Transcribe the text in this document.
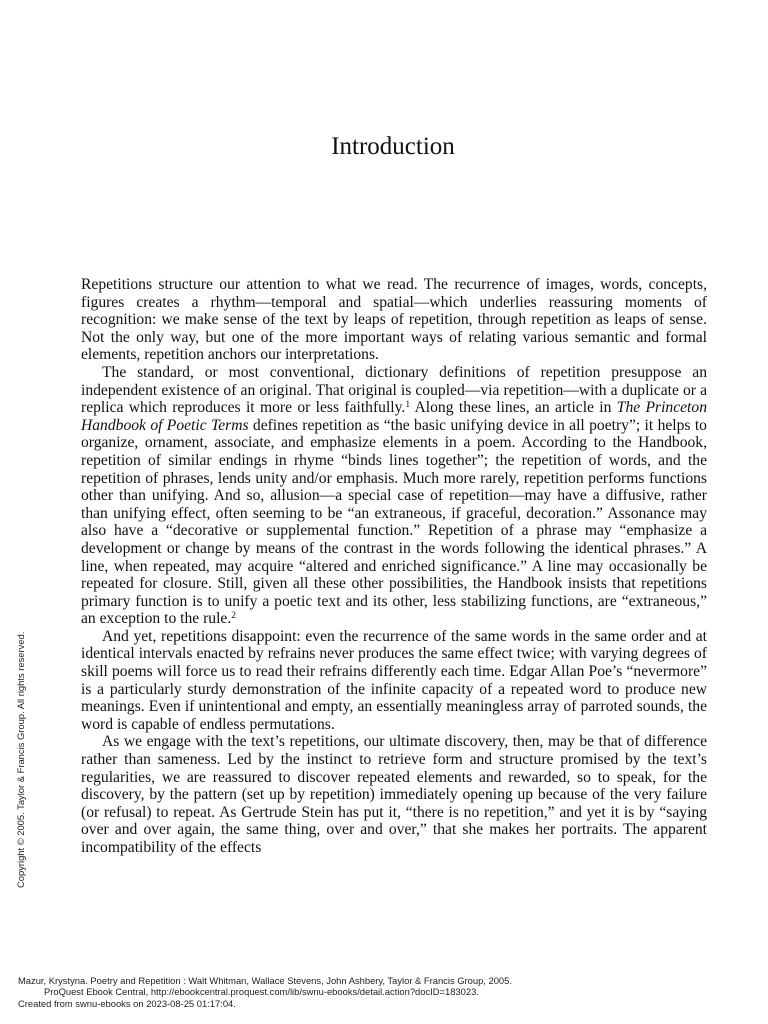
Introduction

Repetitions structure our attention to what we read. The recurrence of images, words, concepts, figures creates a rhythm—temporal and spatial—which underlies reassuring moments of recognition: we make sense of the text by leaps of repetition, through repetition as leaps of sense. Not the only way, but one of the more important ways of relating various semantic and formal elements, repetition anchors our interpretations.

The standard, or most conventional, dictionary definitions of repetition presuppose an independent existence of an original. That original is coupled—via repetition—with a duplicate or a replica which reproduces it more or less faithfully.$^1$ Along these lines, an article in The Princeton Handbook of Poetic Terms defines repetition as “the basic unifying device in all poetry”; it helps to organize, ornament, associate, and emphasize elements in a poem. According to the Handbook, repetition of similar endings in rhyme “binds lines together”; the repetition of words, and the repetition of phrases, lends unity and/or emphasis. Much more rarely, repetition performs functions other than unifying. And so, allusion—a special case of repetition—may have a diffusive, rather than unifying effect, often seeming to be “an extraneous, if graceful, decoration.” Assonance may also have a “decorative or supplemental function.” Repetition of a phrase may “emphasize a development or change by means of the contrast in the words following the identical phrases.” A line, when repeated, may acquire “altered and enriched significance.” A line may occasionally be repeated for closure. Still, given all these other possibilities, the Handbook insists that repetitions primary function is to unify a poetic text and its other, less stabilizing functions, are “extraneous,” an exception to the rule.$^2$

And yet, repetitions disappoint: even the recurrence of the same words in the same order and at identical intervals enacted by refrains never produces the same effect twice; with varying degrees of skill poems will force us to read their refrains differently each time. Edgar Allan Poe’s “nevermore” is a particularly sturdy demonstration of the infinite capacity of a repeated word to produce new meanings. Even if unintentional and empty, an essentially meaningless array of parroted sounds, the word is capable of endless permutations.

As we engage with the text’s repetitions, our ultimate discovery, then, may be that of difference rather than sameness. Led by the instinct to retrieve form and structure promised by the text’s regularities, we are reassured to discover repeated elements and rewarded, so to speak, for the discovery, by the pattern (set up by repetition) immediately opening up because of the very failure (or refusal) to repeat. As Gertrude Stein has put it, “there is no repetition,” and yet it is by “saying over and over again, the same thing, over and over,” that she makes her portraits. The apparent incompatibility of the effects

Copyright © 2005. Taylor & Francis Group. All rights reserved.
Mazur, Krystyna. Poetry and Repetition : Walt Whitman, Wallace Stevens, John Ashbery, Taylor & Francis Group, 2005.
ProQuest Ebook Central, http://ebookcentral.proquest.com/lib/swnu-ebooks/detail.action?docID=183023.
Created from swnu-ebooks on 2023-08-25 01:17:04.
